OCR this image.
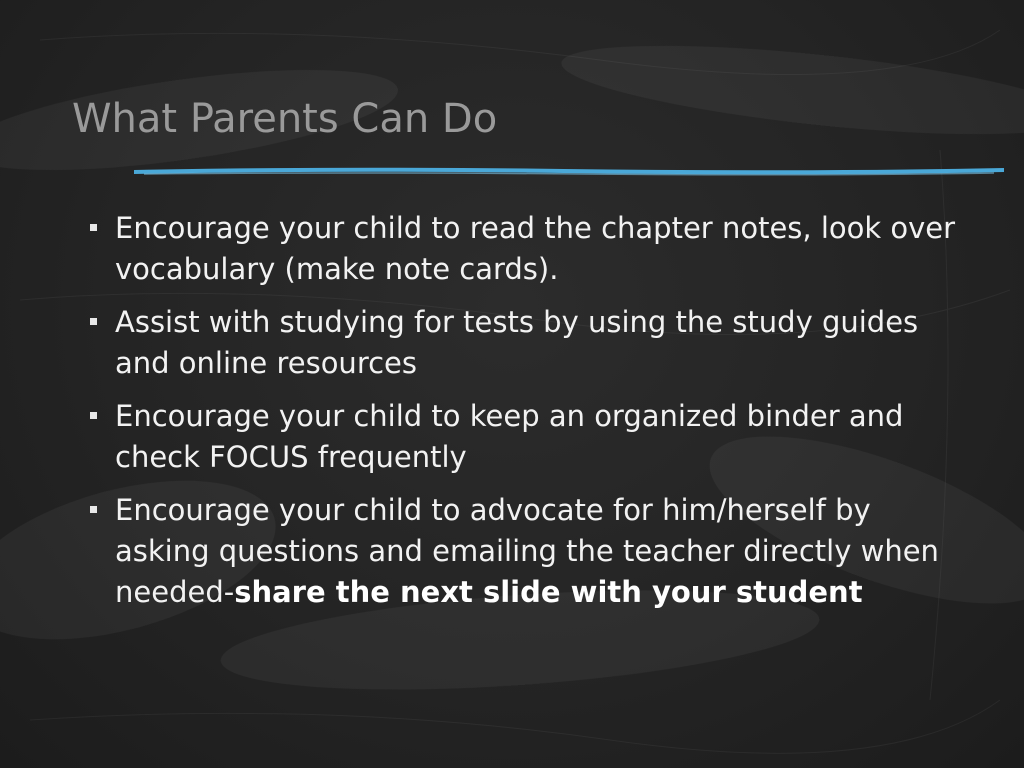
What Parents Can Do
Encourage your child to read the chapter notes, look over vocabulary (make note cards).
Assist with studying for tests by using the study guides and online resources
Encourage your child to keep an organized binder and check FOCUS frequently
Encourage your child to advocate for him/herself by asking questions and emailing the teacher directly when needed-share the next slide with your student
